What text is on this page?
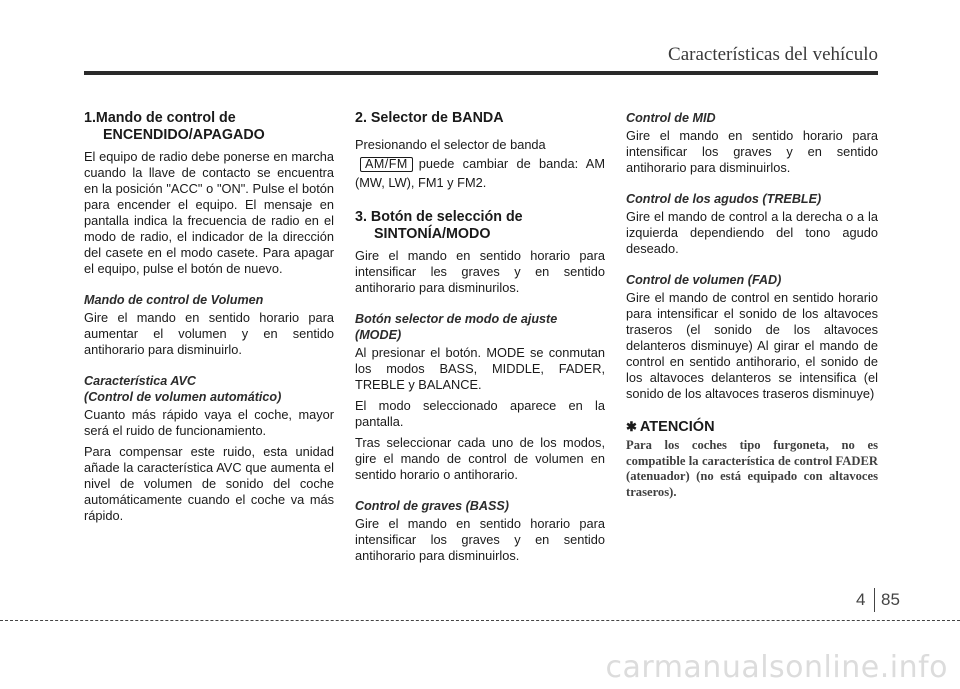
Características del vehículo
1.Mando de control de ENCENDIDO/APAGADO

El equipo de radio debe ponerse en marcha cuando la llave de contacto se encuentra en la posición "ACC" o "ON". Pulse el botón para encender el equipo. El mensaje en pantalla indica la frecuencia de radio en el modo de radio, el indicador de la dirección del casete en el modo casete. Para apagar el equipo, pulse el botón de nuevo.

Mando de control de Volumen

Gire el mando en sentido horario para aumentar el volumen y en sentido antihorario para disminuirlo.

Característica AVC
(Control de volumen automático)

Cuanto más rápido vaya el coche, mayor será el ruido de funcionamiento.

Para compensar este ruido, esta unidad añade la característica AVC que aumenta el nivel de volumen de sonido del coche automáticamente cuando el coche va más rápido.

2. Selector de BANDA

Presionando el selector de banda
AM/FM puede cambiar de banda: AM (MW, LW), FM1 y FM2.

3. Botón de selección de SINTONÍA/MODO

Gire el mando en sentido horario para intensificar les graves y en sentido antihorario para disminurilos.

Botón selector de modo de ajuste (MODE)

Al presionar el botón. MODE se conmutan los modos BASS, MIDDLE, FADER, TREBLE y BALANCE.

El modo seleccionado aparece en la pantalla.

Tras seleccionar cada uno de los modos, gire el mando de control de volumen en sentido horario o antihorario.

Control de graves (BASS)

Gire el mando en sentido horario para intensificar los graves y en sentido antihorario para disminuirlos.

Control de MID

Gire el mando en sentido horario para intensificar los graves y en sentido antihorario para disminuirlos.

Control de los agudos (TREBLE)

Gire el mando de control a la derecha o a la izquierda dependiendo del tono agudo deseado.

Control de volumen (FAD)

Gire el mando de control en sentido horario para intensificar el sonido de los altavoces traseros (el sonido de los altavoces delanteros disminuye) Al girar el mando de control en sentido antihorario, el sonido de los altavoces delanteros se intensifica (el sonido de los altavoces traseros disminuye)

✱ ATENCIÓN

Para los coches tipo furgoneta, no es compatible la característica de control FADER (atenuador) (no está equipado con altavoces traseros).

4 85
carmanualsonline.info
